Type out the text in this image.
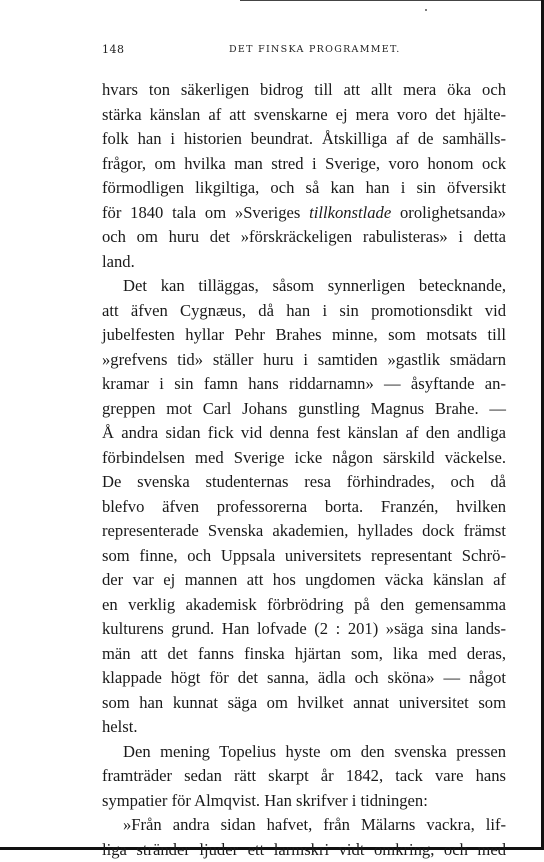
148	DET FINSKA PROGRAMMET.
hvars ton säkerligen bidrog till att allt mera öka och
stärka känslan af att svenskarne ej mera voro det hjälte-
folk han i historien beundrat. Åtskilliga af de samhälls-
frågor, om hvilka man stred i Sverige, voro honom ock
förmodligen likgiltiga, och så kan han i sin öfversikt
för 1840 tala om »Sveriges tillkonstlade orolighetsanda»
och om huru det »förskräckeligen rabulisteras» i detta
land.
Det kan tilläggas, såsom synnerligen betecknande,
att äfven Cygnæus, då han i sin promotionsdikt vid
jubelfesten hyllar Pehr Brahes minne, som motsats till
»grefvens tid» ställer huru i samtiden »gastlik smädarn
kramar i sin famn hans riddarnamn» — åsyftande an-
greppen mot Carl Johans gunstling Magnus Brahe. —
Å andra sidan fick vid denna fest känslan af den andliga
förbindelsen med Sverige icke någon särskild väckelse.
De svenska studenternas resa förhindrades, och då
blefvo äfven professorerna borta. Franzén, hvilken
representerade Svenska akademien, hyllades dock främst
som finne, och Uppsala universitets representant Schrö-
der var ej mannen att hos ungdomen väcka känslan af
en verklig akademisk förbrödring på den gemensamma
kulturens grund. Han lofvade (2 : 201) »säga sina lands-
män att det fanns finska hjärtan som, lika med deras,
klappade högt för det sanna, ädla och sköna» — något
som han kunnat säga om hvilket annat universitet som
helst.
Den mening Topelius hyste om den svenska pressen
framträder sedan rätt skarpt år 1842, tack vare hans
sympatier för Almqvist. Han skrifver i tidningen:
»Från andra sidan hafvet, från Mälarns vackra, lif-
liga stränder ljuder ett larmskri vidt omkring, och med
